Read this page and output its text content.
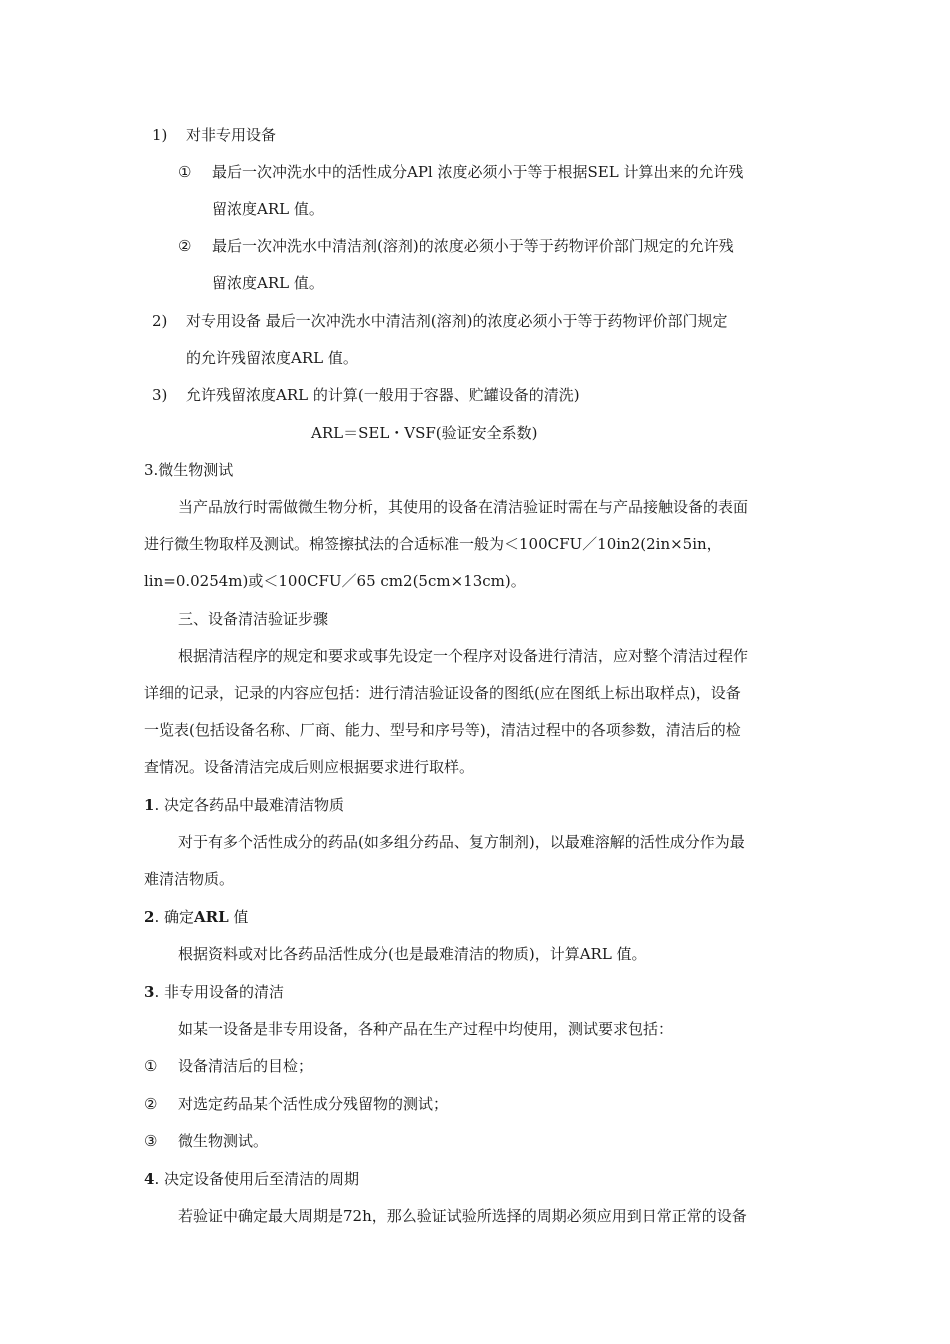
1) 对非专用设备
① 最后一次冲洗水中的活性成分APl 浓度必须小于等于根据SEL 计算出来的允许残
留浓度ARL 值。
② 最后一次冲洗水中清洁剂(溶剂)的浓度必须小于等于药物评价部门规定的允许残
留浓度ARL 值。
2) 对专用设备 最后一次冲洗水中清洁剂(溶剂)的浓度必须小于等于药物评价部门规定
的允许残留浓度ARL 值。
3) 允许残留浓度ARL 的计算(一般用于容器、贮罐设备的清洗)
ARL＝SEL・VSF(验证安全系数)
3.微生物测试
当产品放行时需做微生物分析，其使用的设备在清洁验证时需在与产品接触设备的表面
进行微生物取样及测试。棉签擦拭法的合适标准一般为＜100CFU／10in2(2in×5in，
lin=0.0254m)或＜100CFU／65 cm2(5cm×13cm)。
三、设备清洁验证步骤
根据清洁程序的规定和要求或事先设定一个程序对设备进行清洁，应对整个清洁过程作
详细的记录，记录的内容应包括：进行清洁验证设备的图纸(应在图纸上标出取样点)，设备
一览表(包括设备名称、厂商、能力、型号和序号等)，清洁过程中的各项参数，清洁后的检
查情况。设备清洁完成后则应根据要求进行取样。
1. 决定各药品中最难清洁物质
对于有多个活性成分的药品(如多组分药品、复方制剂)，以最难溶解的活性成分作为最
难清洁物质。
2. 确定ARL 值
根据资料或对比各药品活性成分(也是最难清洁的物质)，计算ARL 值。
3. 非专用设备的清洁
如某一设备是非专用设备，各种产品在生产过程中均使用，测试要求包括：
① 设备清洁后的目检；
② 对选定药品某个活性成分残留物的测试；
③ 微生物测试。
4. 决定设备使用后至清洁的周期
若验证中确定最大周期是72h，那么验证试验所选择的周期必须应用到日常正常的设备
